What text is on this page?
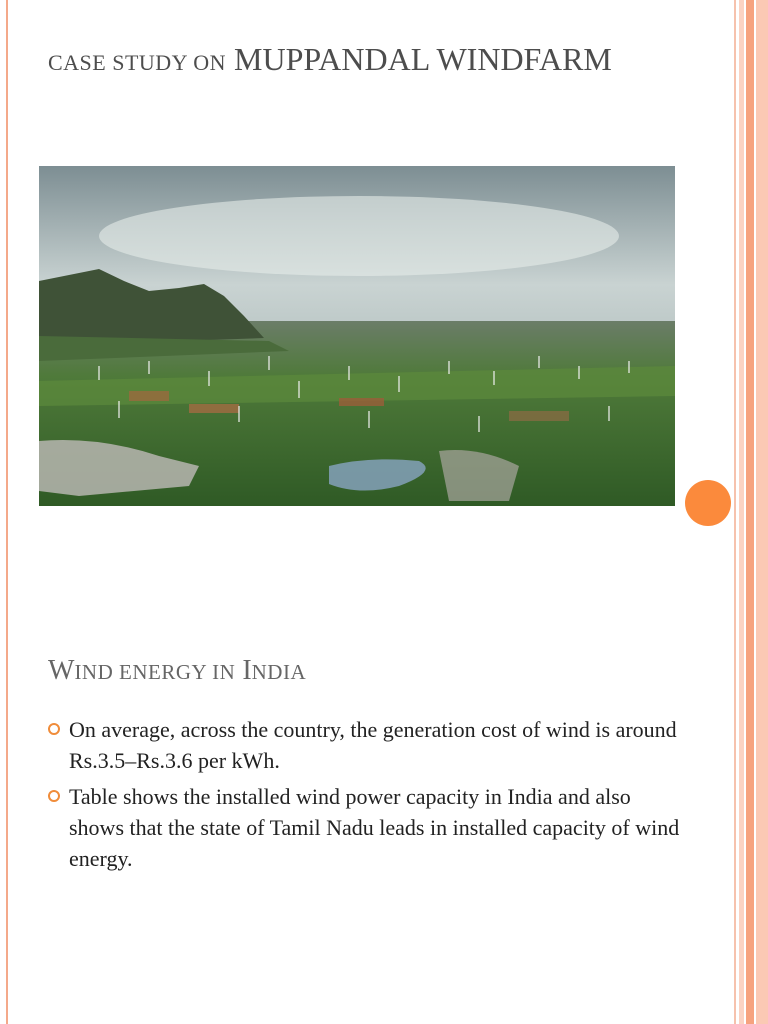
CASE STUDY ON MUPPANDAL WINDFARM
WIND ENERGY IN INDIA
On average, across the country, the generation cost of wind is around Rs.3.5–Rs.3.6 per kWh.
Table shows the installed wind power capacity in India and also shows that the state of Tamil Nadu leads in installed capacity of wind energy.
